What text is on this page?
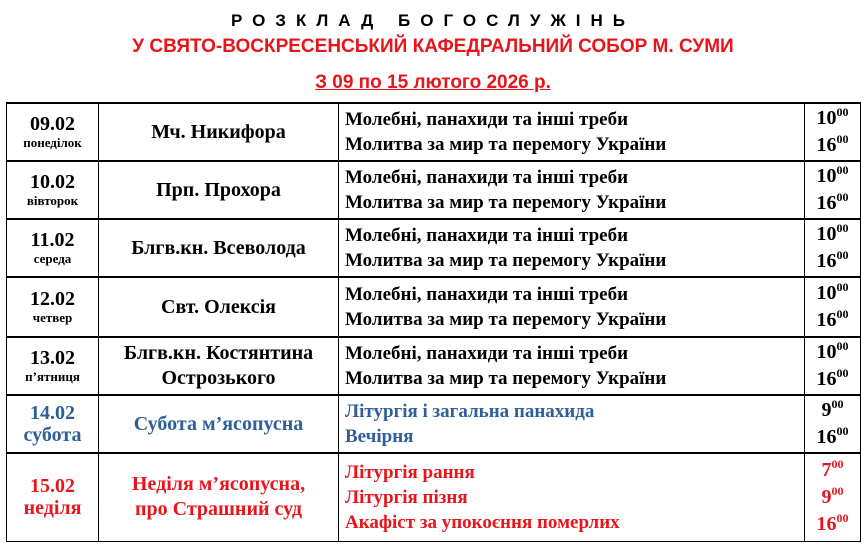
РОЗКЛАД БОГОСЛУЖІНЬ
У СВЯТО-ВОСКРЕСЕНСЬКИЙ КАФЕДРАЛЬНИЙ СОБОР М. СУМИ
З 09 по 15 лютого 2026 р.
09.02
понеділок	Мч. Никифора	Молебні, панахиди та інші треби
Молитва за мир та перемогу України	$10^{00}$
$16^{00}$

10.02
вівторок	Прп. Прохора	Молебні, панахиди та інші треби
Молитва за мир та перемогу України	$10^{00}$
$16^{00}$

11.02
середа	Блгв.кн. Всеволода	Молебні, панахиди та інші треби
Молитва за мир та перемогу України	$10^{00}$
$16^{00}$

12.02
четвер	Свт. Олексія	Молебні, панахиди та інші треби
Молитва за мир та перемогу України	$10^{00}$
$16^{00}$

13.02
п’ятниця	Блгв.кн. Костянтина
Острозького	Молебні, панахиди та інші треби
Молитва за мир та перемогу України	$10^{00}$
$16^{00}$

14.02
субота	Субота м’ясопусна	Літургія і загальна панахида
Вечірня	$9^{00}$
$16^{00}$

15.02
неділя	Неділя м’ясопусна,
про Страшний суд	Літургія рання
Літургія пізня
Акафіст за упокоєння померлих	$7^{00}$
$9^{00}$
$16^{00}$
